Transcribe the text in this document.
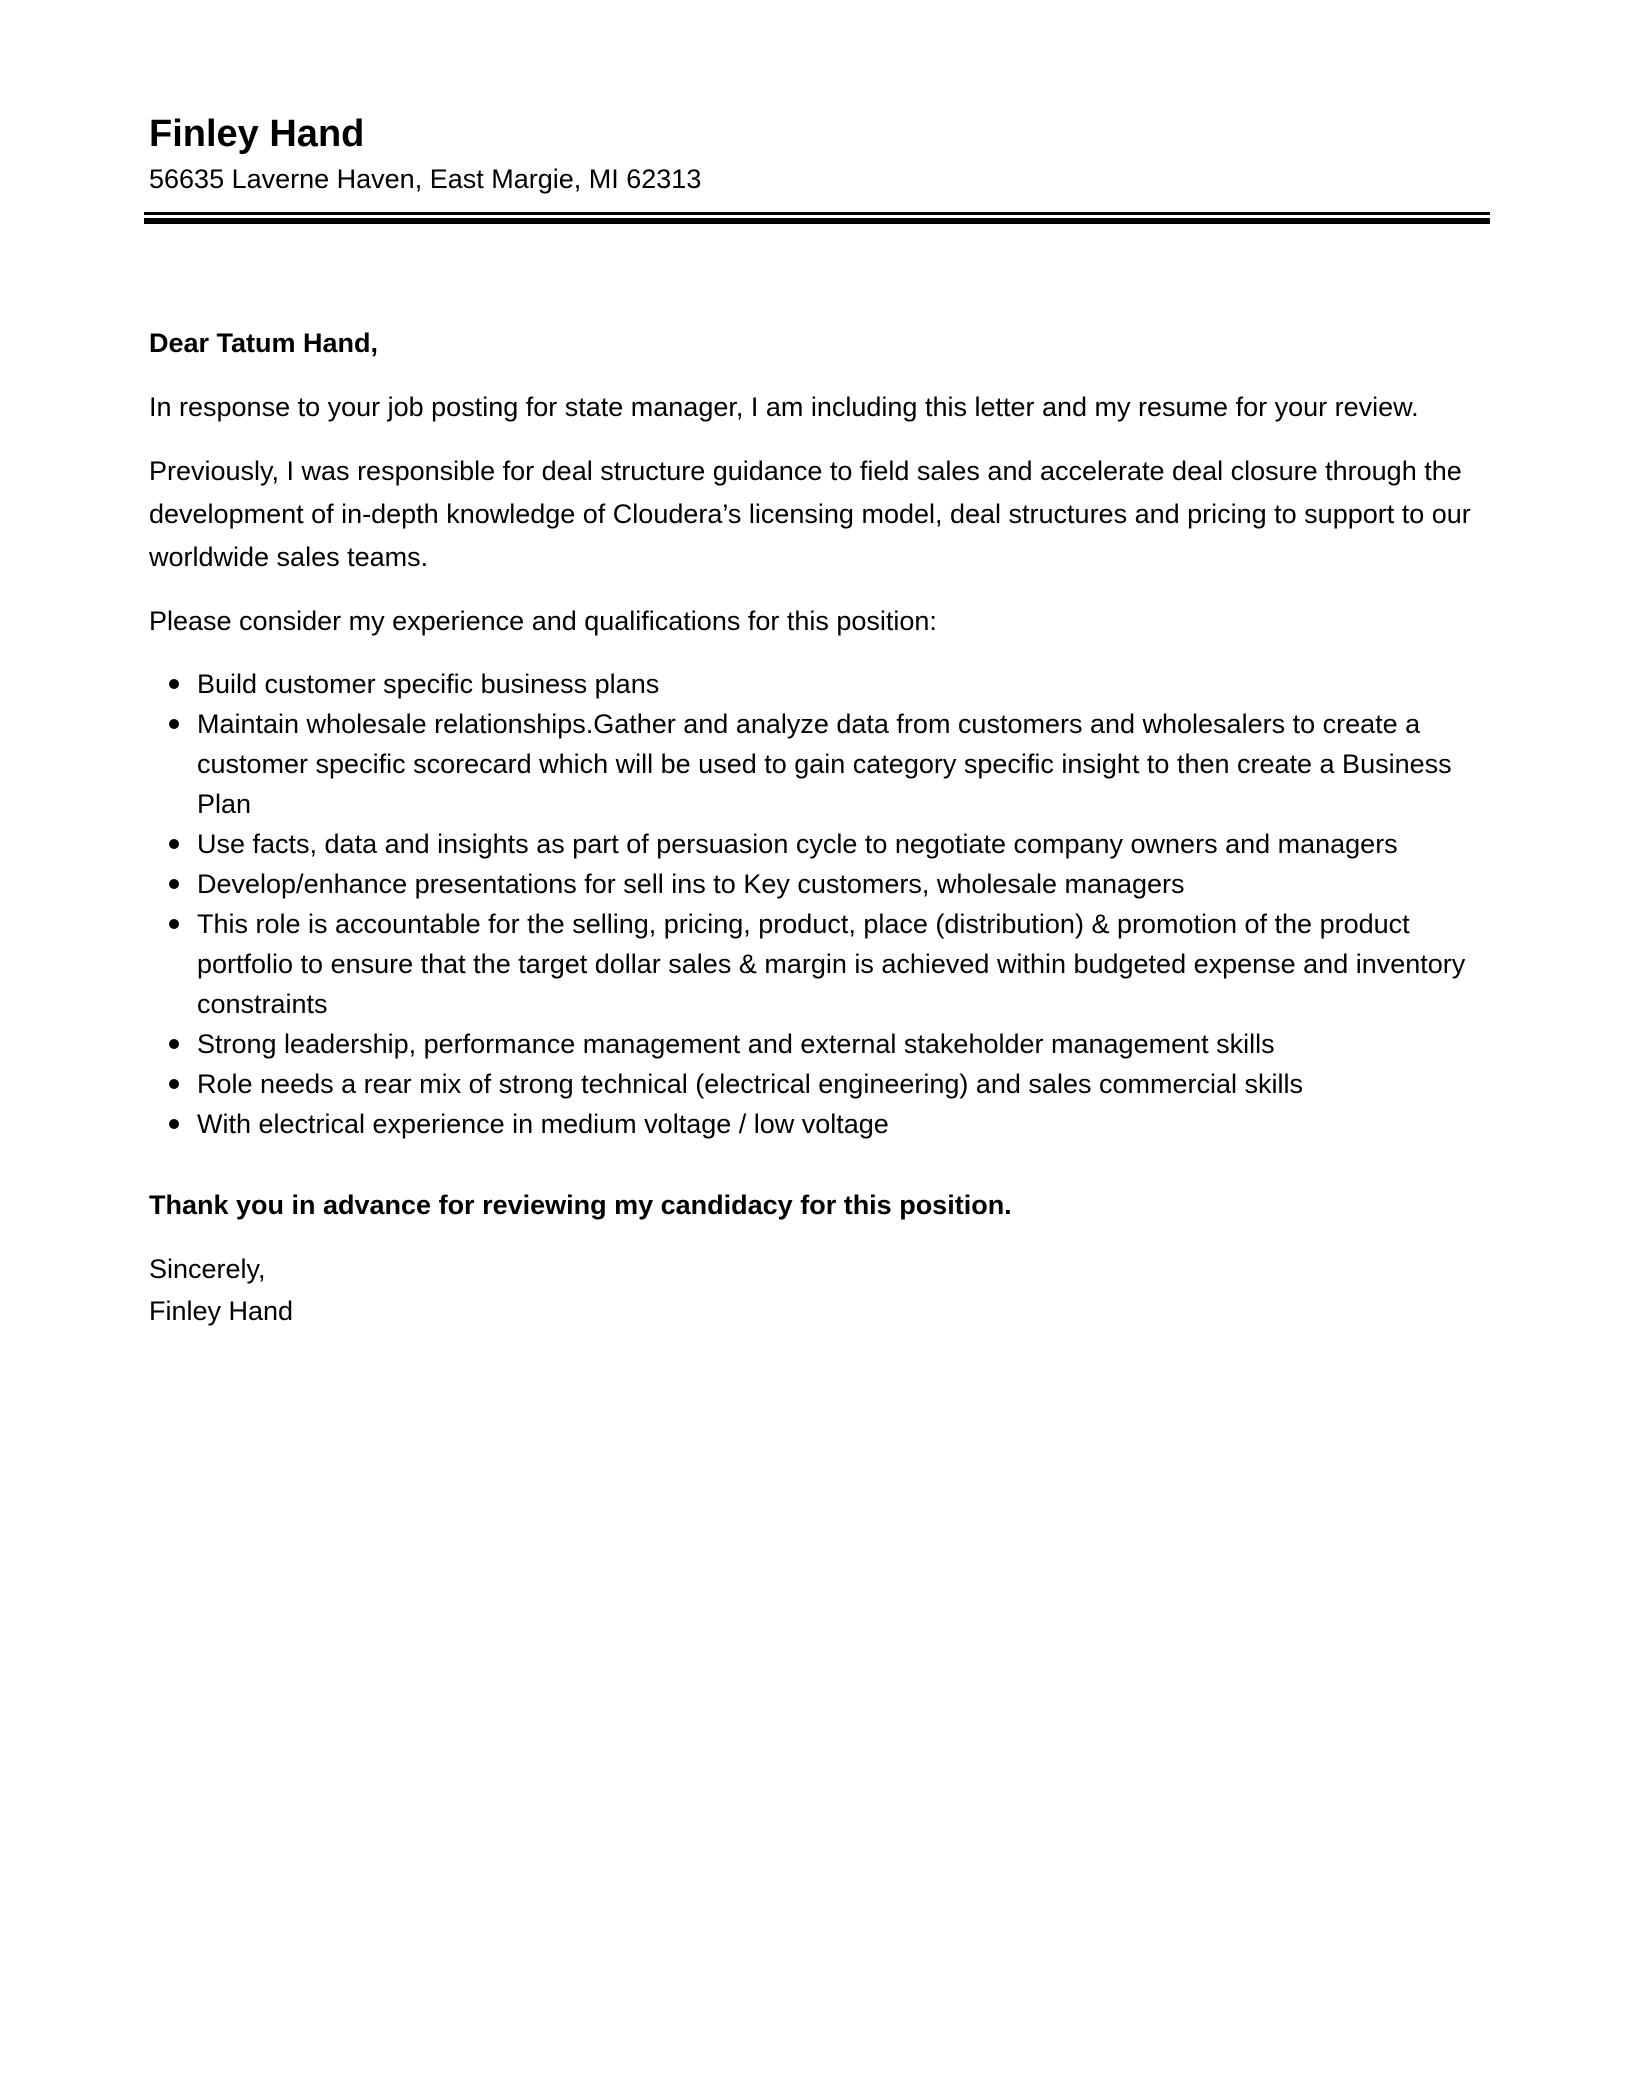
Finley Hand

56635 Laverne Haven, East Margie, MI 62313

Dear Tatum Hand,

In response to your job posting for state manager, I am including this letter and my resume for your review.

Previously, I was responsible for deal structure guidance to field sales and accelerate deal closure through the development of in-depth knowledge of Cloudera’s licensing model, deal structures and pricing to support to our worldwide sales teams.

Please consider my experience and qualifications for this position:

Build customer specific business plans
Maintain wholesale relationships.Gather and analyze data from customers and wholesalers to create a customer specific scorecard which will be used to gain category specific insight to then create a Business Plan
Use facts, data and insights as part of persuasion cycle to negotiate company owners and managers
Develop/enhance presentations for sell ins to Key customers, wholesale managers
This role is accountable for the selling, pricing, product, place (distribution) & promotion of the product portfolio to ensure that the target dollar sales & margin is achieved within budgeted expense and inventory constraints
Strong leadership, performance management and external stakeholder management skills
Role needs a rear mix of strong technical (electrical engineering) and sales commercial skills
With electrical experience in medium voltage / low voltage

Thank you in advance for reviewing my candidacy for this position.

Sincerely,

Finley Hand
